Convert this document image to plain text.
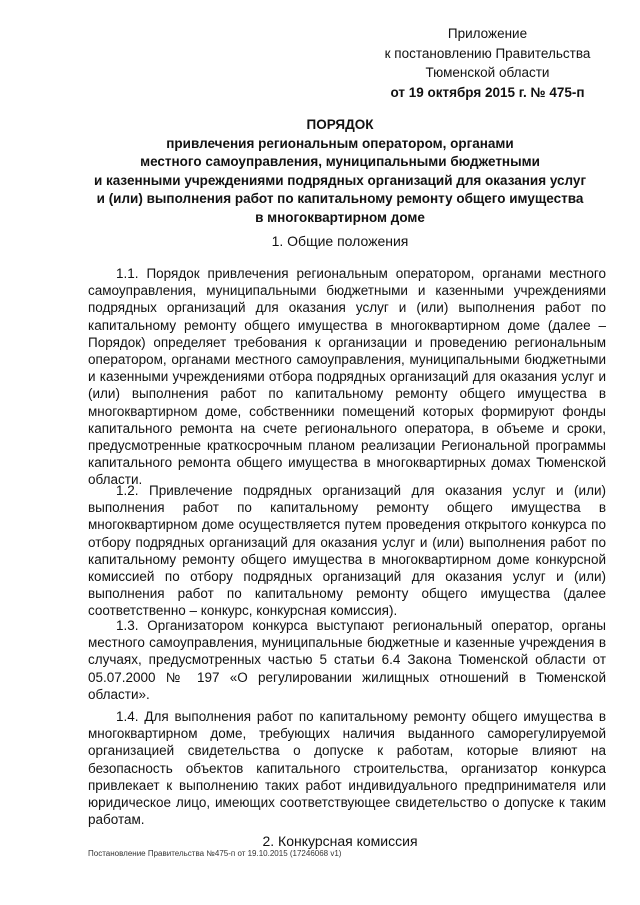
Приложение
к постановлению Правительства
Тюменской области
от 19 октября 2015 г. № 475-п
ПОРЯДОК
привлечения региональным оператором, органами
местного самоуправления, муниципальными бюджетными
и казенными учреждениями подрядных организаций для оказания услуг
и (или) выполнения работ по капитальному ремонту общего имущества
в многоквартирном доме
1. Общие положения
1.1. Порядок привлечения региональным оператором, органами местного самоуправления, муниципальными бюджетными и казенными учреждениями подрядных организаций для оказания услуг и (или) выполнения работ по капитальному ремонту общего имущества в многоквартирном доме (далее – Порядок) определяет требования к организации и проведению региональным оператором, органами местного самоуправления, муниципальными бюджетными и казенными учреждениями отбора подрядных организаций для оказания услуг и (или) выполнения работ по капитальному ремонту общего имущества в многоквартирном доме, собственники помещений которых формируют фонды капитального ремонта на счете регионального оператора, в объеме и сроки, предусмотренные краткосрочным планом реализации Региональной программы капитального ремонта общего имущества в многоквартирных домах Тюменской области.
1.2. Привлечение подрядных организаций для оказания услуг и (или) выполнения работ по капитальному ремонту общего имущества в многоквартирном доме осуществляется путем проведения открытого конкурса по отбору подрядных организаций для оказания услуг и (или) выполнения работ по капитальному ремонту общего имущества в многоквартирном доме конкурсной комиссией по отбору подрядных организаций для оказания услуг и (или) выполнения работ по капитальному ремонту общего имущества (далее соответственно – конкурс, конкурсная комиссия).
1.3. Организатором конкурса выступают региональный оператор, органы местного самоуправления, муниципальные бюджетные и казенные учреждения в случаях, предусмотренных частью 5 статьи 6.4 Закона Тюменской области от 05.07.2000 № 197 «О регулировании жилищных отношений в Тюменской области».
1.4. Для выполнения работ по капитальному ремонту общего имущества в многоквартирном доме, требующих наличия выданного саморегулируемой организацией свидетельства о допуске к работам, которые влияют на безопасность объектов капитального строительства, организатор конкурса привлекает к выполнению таких работ индивидуального предпринимателя или юридическое лицо, имеющих соответствующее свидетельство о допуске к таким работам.
2. Конкурсная комиссия
Постановление Правительства №475-п от 19.10.2015 (17246068 v1)
